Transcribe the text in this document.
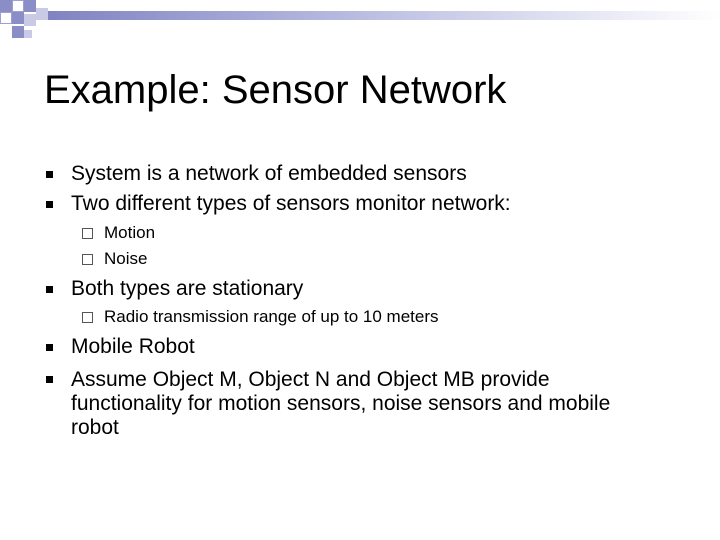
Example: Sensor Network
System is a network of embedded sensors
Two different types of sensors monitor network:
Motion
Noise
Both types are stationary
Radio transmission range of up to 10 meters
Mobile Robot
Assume Object M, Object N and Object MB provide functionality for motion sensors, noise sensors and mobile robot
